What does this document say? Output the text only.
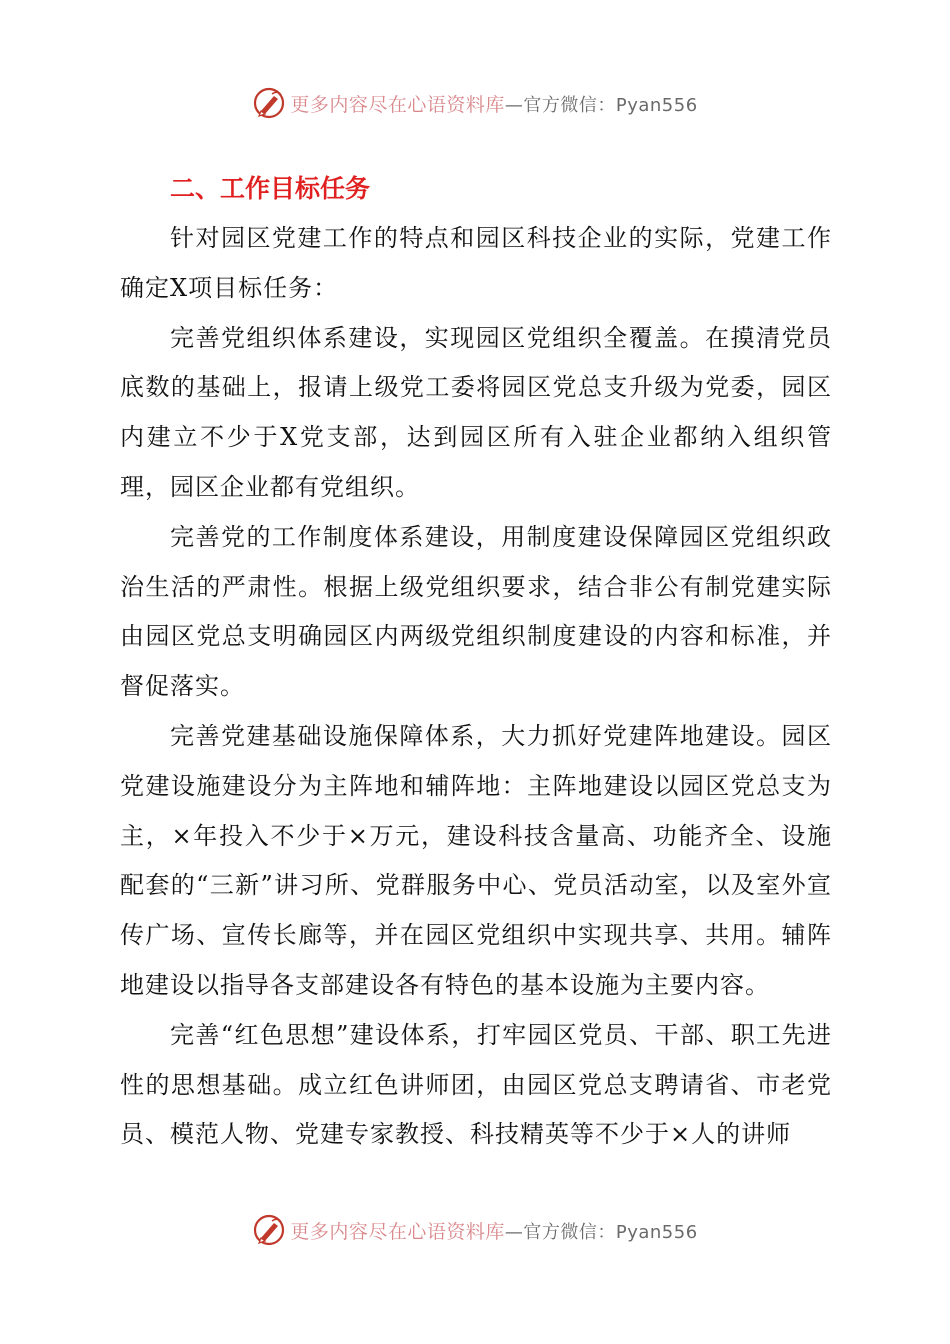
更多内容尽在心语资料库—官方微信：Pyan556
二、工作目标任务

针对园区党建工作的特点和园区科技企业的实际，党建工作确定X项目标任务：

完善党组织体系建设，实现园区党组织全覆盖。在摸清党员底数的基础上，报请上级党工委将园区党总支升级为党委，园区内建立不少于X党支部，达到园区所有入驻企业都纳入组织管理，园区企业都有党组织。

完善党的工作制度体系建设，用制度建设保障园区党组织政治生活的严肃性。根据上级党组织要求，结合非公有制党建实际由园区党总支明确园区内两级党组织制度建设的内容和标准，并督促落实。

完善党建基础设施保障体系，大力抓好党建阵地建设。园区党建设施建设分为主阵地和辅阵地：主阵地建设以园区党总支为主，×年投入不少于×万元，建设科技含量高、功能齐全、设施配套的“三新”讲习所、党群服务中心、党员活动室，以及室外宣传广场、宣传长廊等，并在园区党组织中实现共享、共用。辅阵地建设以指导各支部建设各有特色的基本设施为主要内容。

完善“红色思想”建设体系，打牢园区党员、干部、职工先进性的思想基础。成立红色讲师团，由园区党总支聘请省、市老党员、模范人物、党建专家教授、科技精英等不少于×人的讲师

更多内容尽在心语资料库—官方微信：Pyan556
